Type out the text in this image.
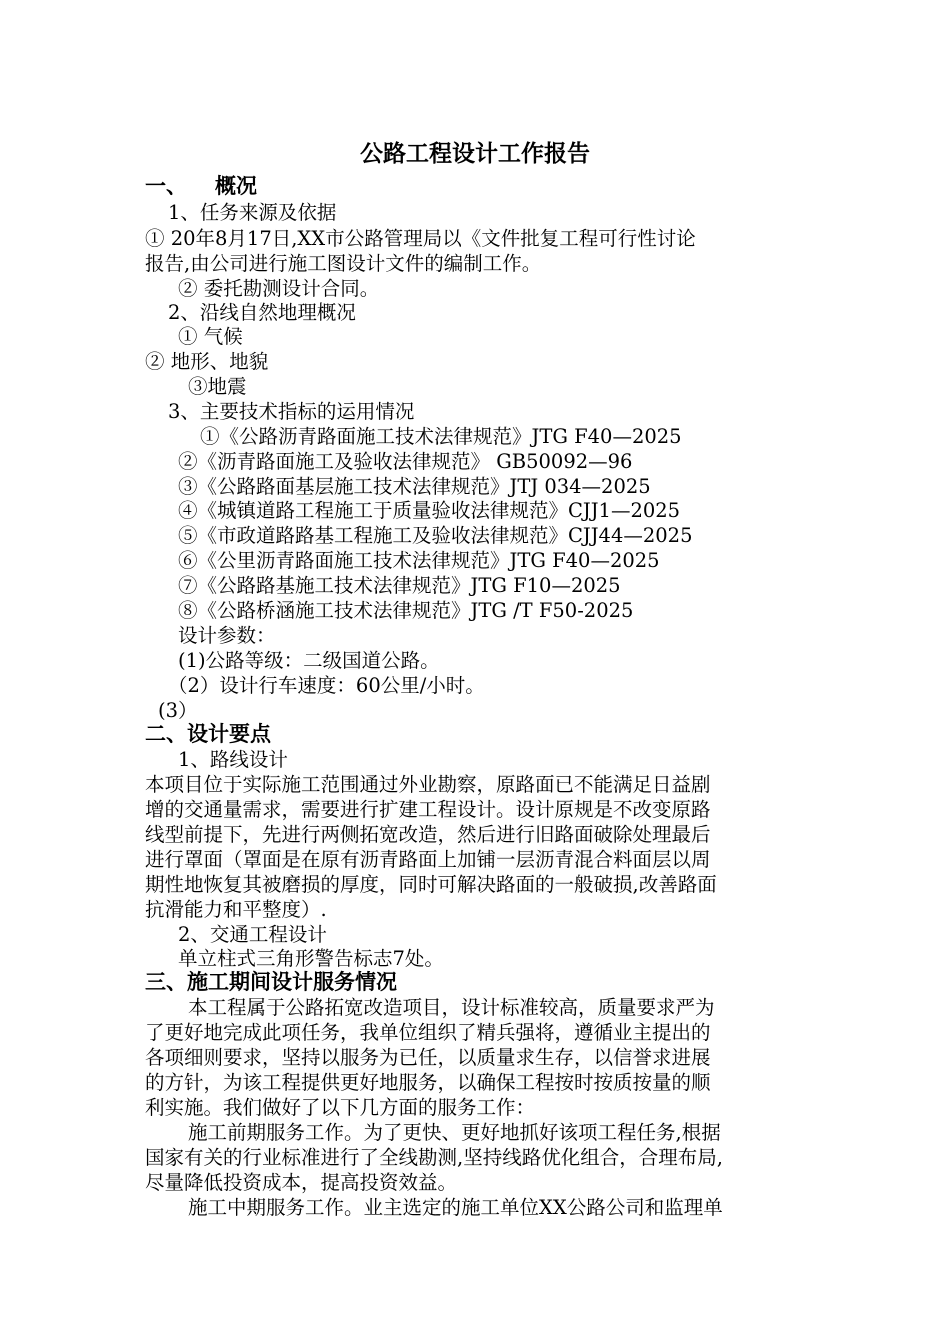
公路工程设计工作报告
一、 概况
1、任务来源及依据
① 20年8月17日,XX市公路管理局以《文件批复工程可行性讨论
报告,由公司进行施工图设计文件的编制工作。
② 委托勘测设计合同。
2、沿线自然地理概况
① 气候
② 地形、地貌
③地震
3、主要技术指标的运用情况
①《公路沥青路面施工技术法律规范》JTG F40—2025
②《沥青路面施工及验收法律规范》 GB50092—96
③《公路路面基层施工技术法律规范》JTJ 034—2025
④《城镇道路工程施工于质量验收法律规范》CJJ1—2025
⑤《市政道路路基工程施工及验收法律规范》CJJ44—2025
⑥《公里沥青路面施工技术法律规范》JTG F40—2025
⑦《公路路基施工技术法律规范》JTG F10—2025
⑧《公路桥涵施工技术法律规范》JTG /T F50-2025
设计参数：
(1)公路等级：二级国道公路。
（2）设计行车速度：60公里/小时。
(3）
二、设计要点
1、路线设计
本项目位于实际施工范围通过外业勘察，原路面已不能满足日益剧
增的交通量需求，需要进行扩建工程设计。设计原规是不改变原路
线型前提下，先进行两侧拓宽改造，然后进行旧路面破除处理最后
进行罩面（罩面是在原有沥青路面上加铺一层沥青混合料面层以周
期性地恢复其被磨损的厚度，同时可解决路面的一般破损,改善路面
抗滑能力和平整度）.
2、交通工程设计
单立柱式三角形警告标志7处。
三、施工期间设计服务情况
本工程属于公路拓宽改造项目，设计标准较高，质量要求严为
了更好地完成此项任务，我单位组织了精兵强将，遵循业主提出的
各项细则要求，坚持以服务为已任，以质量求生存，以信誉求进展
的方针，为该工程提供更好地服务，以确保工程按时按质按量的顺
利实施。我们做好了以下几方面的服务工作：
施工前期服务工作。为了更快、更好地抓好该项工程任务,根据
国家有关的行业标准进行了全线勘测,坚持线路优化组合，合理布局,
尽量降低投资成本，提高投资效益。
施工中期服务工作。业主选定的施工单位XX公路公司和监理单
